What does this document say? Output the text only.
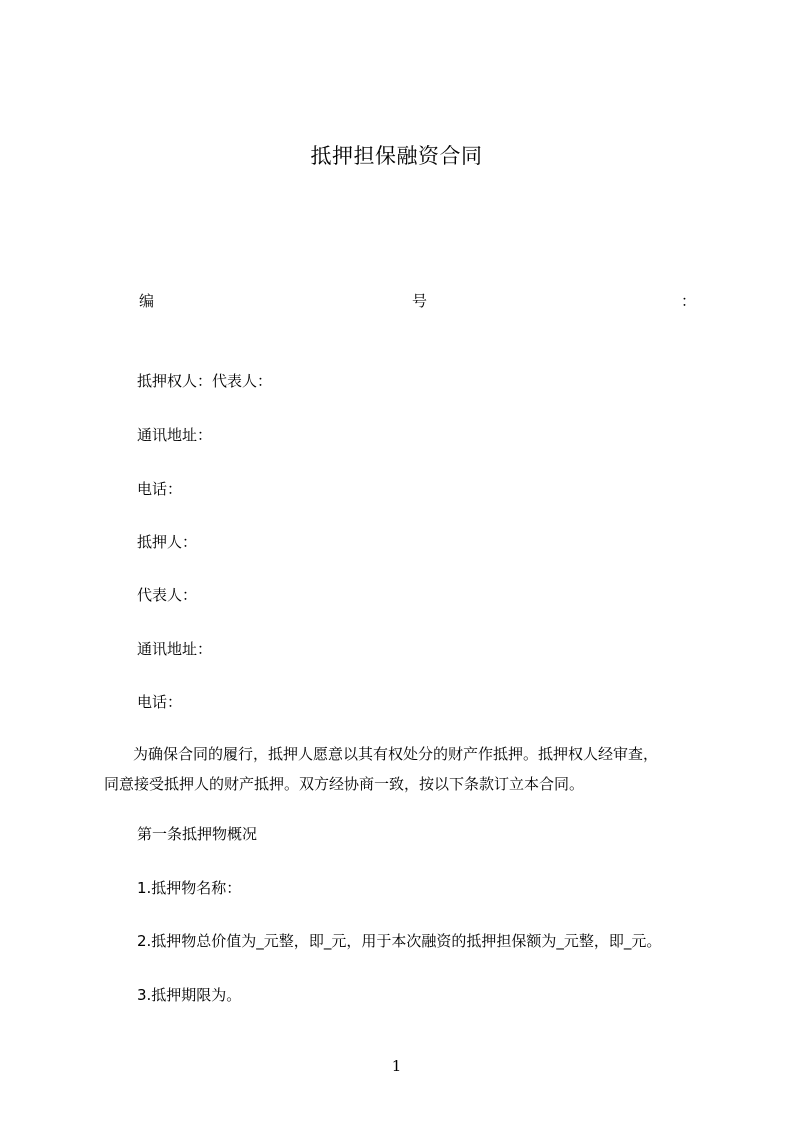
抵押担保融资合同
编	号	：
抵押权人：代表人：
通讯地址：
电话：
抵押人：
代表人：
通讯地址：
电话：
　为确保合同的履行，抵押人愿意以其有权处分的财产作抵押。抵押权人经审查，
同意接受抵押人的财产抵押。双方经协商一致，按以下条款订立本合同。
第一条抵押物概况
1.抵押物名称：
2.抵押物总价值为_元整，即_元，用于本次融资的抵押担保额为_元整，即_元。
3.抵押期限为。
1
